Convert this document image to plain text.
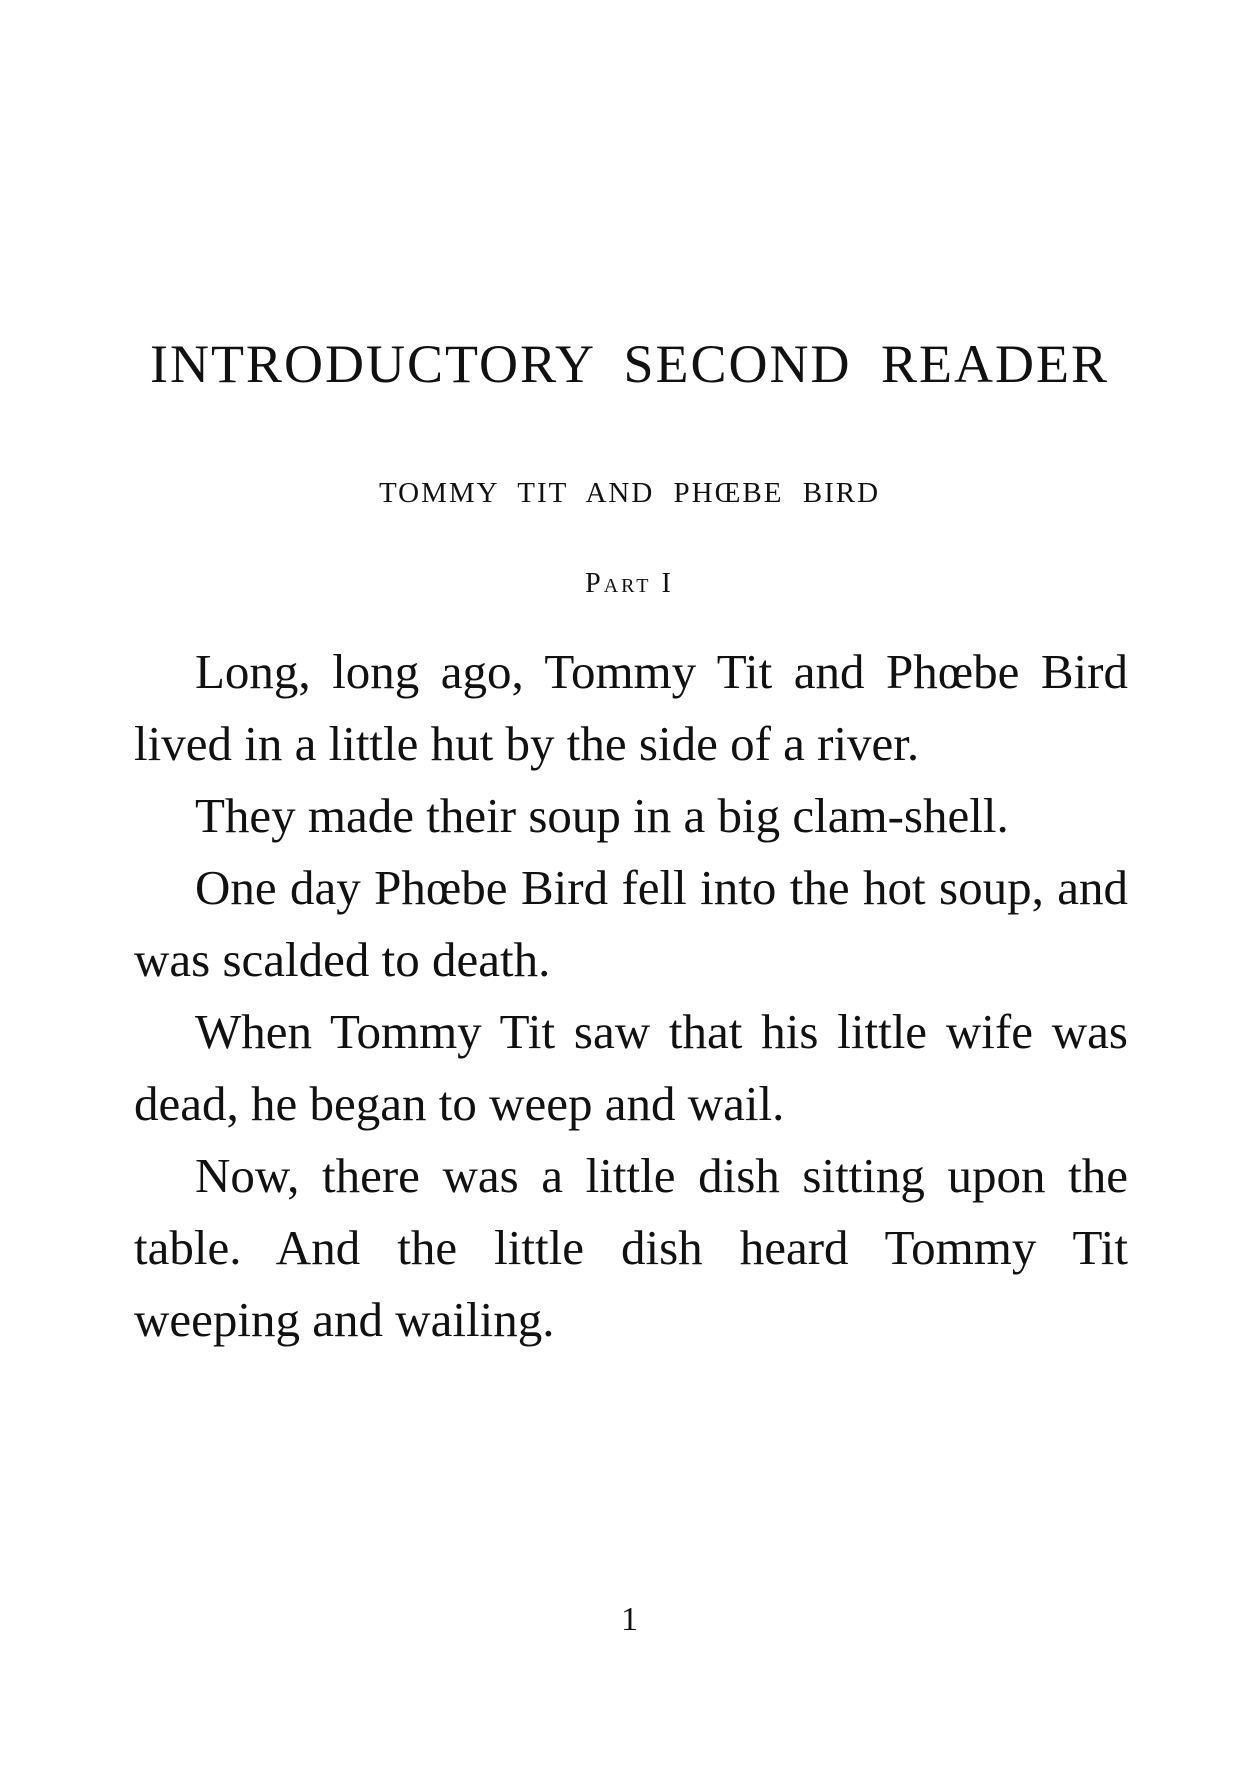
INTRODUCTORY SECOND READER
TOMMY TIT AND PHŒBE BIRD
Part I

Long, long ago, Tommy Tit and Phœbe Bird lived in a little hut by the side of a river.

They made their soup in a big clam-shell.

One day Phœbe Bird fell into the hot soup, and was scalded to death.

When Tommy Tit saw that his little wife was dead, he began to weep and wail.

Now, there was a little dish sitting upon the table. And the little dish heard Tommy Tit weeping and wailing.

1
